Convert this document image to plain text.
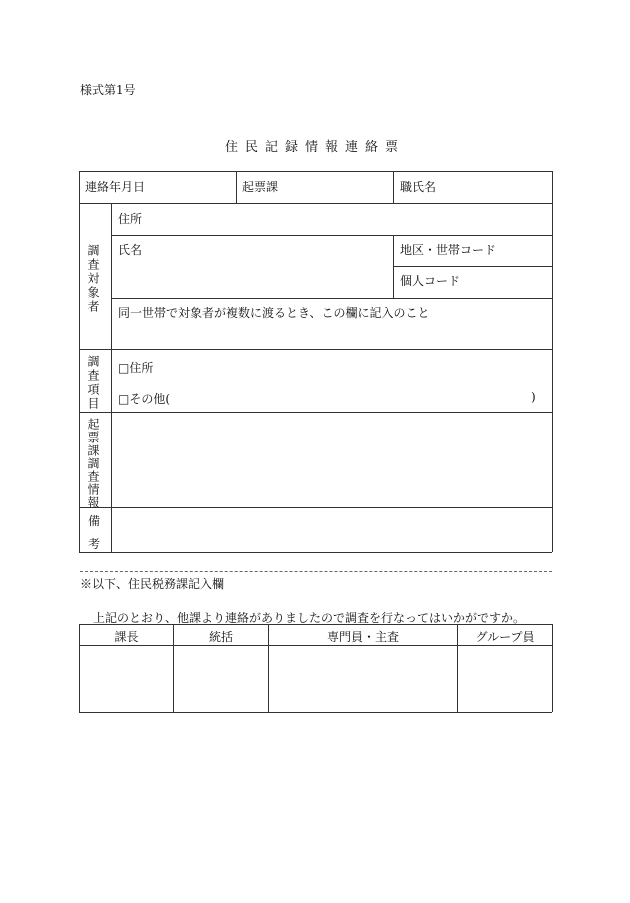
様式第1号
住民記録情報連絡票
連絡年月日	起票課	職氏名
調査対象者
住所
氏名	地区・世帯コード
個人コード
同一世帯で対象者が複数に渡るとき、この欄に記入のこと
調査項目 □住所
□その他(	)
起票課調査情報
備
考
※以下、住民税務課記入欄
上記のとおり、他課より連絡がありましたので調査を行なってはいかがですか。
課長	統括	専門員・主査	グループ員
